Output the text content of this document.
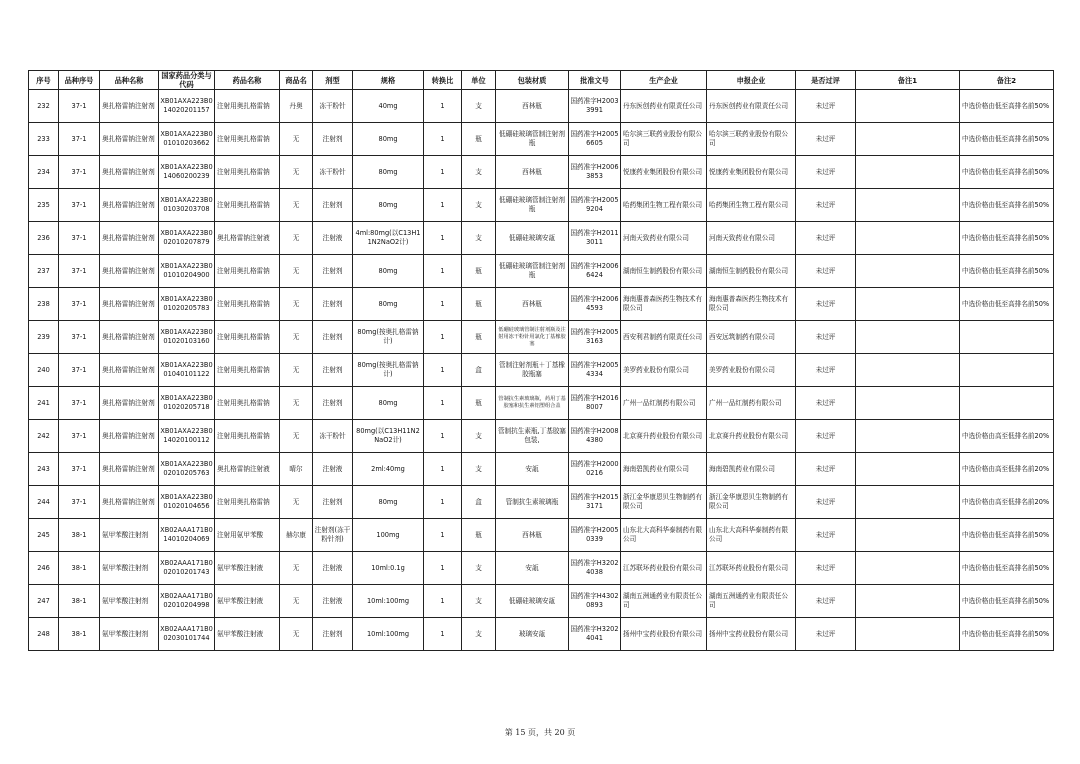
序号	品种序号	品种名称	国家药品分类与代码	药品名称	商品名	剂型	规格	转换比	单位	包装材质	批准文号	生产企业	申报企业	是否过评	备注1	备注2
232	37-1	奥扎格雷钠注射剂	XB01AXA223B014020201157	注射用奥扎格雷钠	丹奥	冻干粉针	40mg	1	支	西林瓶	国药准字H20033991	丹东医创药业有限责任公司	丹东医创药业有限责任公司	未过评		中选价格由低至高排名前50%
233	37-1	奥扎格雷钠注射剂	XB01AXA223B001010203662	注射用奥扎格雷钠	无	注射剂	80mg	1	瓶	低硼硅玻璃管制注射剂瓶	国药准字H20056605	哈尔滨三联药业股份有限公司	哈尔滨三联药业股份有限公司	未过评		中选价格由低至高排名前50%
234	37-1	奥扎格雷钠注射剂	XB01AXA223B014060200239	注射用奥扎格雷钠	无	冻干粉针	80mg	1	支	西林瓶	国药准字H20063853	悦康药业集团股份有限公司	悦康药业集团股份有限公司	未过评		中选价格由低至高排名前50%
235	37-1	奥扎格雷钠注射剂	XB01AXA223B001030203708	注射用奥扎格雷钠	无	注射剂	80mg	1	支	低硼硅玻璃管制注射剂瓶	国药准字H20059204	哈药集团生物工程有限公司	哈药集团生物工程有限公司	未过评		中选价格由低至高排名前50%
236	37-1	奥扎格雷钠注射剂	XB01AXA223B002010207879	奥扎格雷钠注射液	无	注射液	4ml:80mg(以C13H11N2NaO2计)	1	支	低硼硅玻璃安瓿	国药准字H20113011	河南天致药业有限公司	河南天致药业有限公司	未过评		中选价格由低至高排名前50%
237	37-1	奥扎格雷钠注射剂	XB01AXA223B001010204900	注射用奥扎格雷钠	无	注射剂	80mg	1	瓶	低硼硅玻璃管制注射剂瓶	国药准字H20066424	湖南恒生制药股份有限公司	湖南恒生制药股份有限公司	未过评		中选价格由低至高排名前50%
238	37-1	奥扎格雷钠注射剂	XB01AXA223B001020205783	注射用奥扎格雷钠	无	注射剂	80mg	1	瓶	西林瓶	国药准字H20064593	海南惠普森医药生物技术有限公司	海南惠普森医药生物技术有限公司	未过评		中选价格由低至高排名前50%
239	37-1	奥扎格雷钠注射剂	XB01AXA223B001020103160	注射用奥扎格雷钠	无	注射剂	80mg(按奥扎格雷钠计)	1	瓶	低硼硅玻璃管制注射剂瓶及注射用冻干粉针用氯化丁基橡胶塞	国药准字H20053163	西安利君制药有限责任公司	西安远筑制药有限公司	未过评		
240	37-1	奥扎格雷钠注射剂	XB01AXA223B001040101122	注射用奥扎格雷钠	无	注射剂	80mg(按奥扎格雷钠计)	1	盒	管制注射剂瓶＋丁基橡胶瓶塞	国药准字H20054334	美罗药业股份有限公司	美罗药业股份有限公司	未过评		
241	37-1	奥扎格雷钠注射剂	XB01AXA223B001020205718	注射用奥扎格雷钠	无	注射剂	80mg	1	瓶	管制抗生素玻璃瓶，药用丁基胶塞和抗生素铝塑组合盖	国药准字H20168007	广州一品红制药有限公司	广州一品红制药有限公司	未过评		
242	37-1	奥扎格雷钠注射剂	XB01AXA223B014020100112	注射用奥扎格雷钠	无	冻干粉针	80mg(以C13H11N2NaO2计)	1	支	管制抗生素瓶,丁基胶塞包装,	国药准字H20084380	北京赛升药业股份有限公司	北京赛升药业股份有限公司	未过评		中选价格由高至低排名前20%
243	37-1	奥扎格雷钠注射剂	XB01AXA223B002010205763	奥扎格雷钠注射液	晴尔	注射液	2ml:40mg	1	支	安瓿	国药准字H20000216	海南碧凯药业有限公司	海南碧凯药业有限公司	未过评		中选价格由高至低排名前20%
244	37-1	奥扎格雷钠注射剂	XB01AXA223B001020104656	注射用奥扎格雷钠	无	注射剂	80mg	1	盒	管制抗生素玻璃瓶	国药准字H20153171	浙江金华康恩贝生物制药有限公司	浙江金华康恩贝生物制药有限公司	未过评		中选价格由高至低排名前20%
245	38-1	氨甲苯酸注射剂	XB02AAA171B014010204069	注射用氨甲苯酸	赫尔康	注射剂(冻干粉针剂)	100mg	1	瓶	西林瓶	国药准字H20050339	山东北大高科华泰制药有限公司	山东北大高科华泰制药有限公司	未过评		中选价格由低至高排名前50%
246	38-1	氨甲苯酸注射剂	XB02AAA171B002010201743	氨甲苯酸注射液	无	注射液	10ml:0.1g	1	支	安瓿	国药准字H32024038	江苏联环药业股份有限公司	江苏联环药业股份有限公司	未过评		中选价格由低至高排名前50%
247	38-1	氨甲苯酸注射剂	XB02AAA171B002010204998	氨甲苯酸注射液	无	注射液	10ml:100mg	1	支	低硼硅玻璃安瓿	国药准字H43020893	湖南五洲通药业有限责任公司	湖南五洲通药业有限责任公司	未过评		中选价格由低至高排名前50%
248	38-1	氨甲苯酸注射剂	XB02AAA171B002030101744	氨甲苯酸注射液	无	注射剂	10ml:100mg	1	支	玻璃安瓿	国药准字H32024041	扬州中宝药业股份有限公司	扬州中宝药业股份有限公司	未过评		中选价格由低至高排名前50%
第 15 页，共 20 页
